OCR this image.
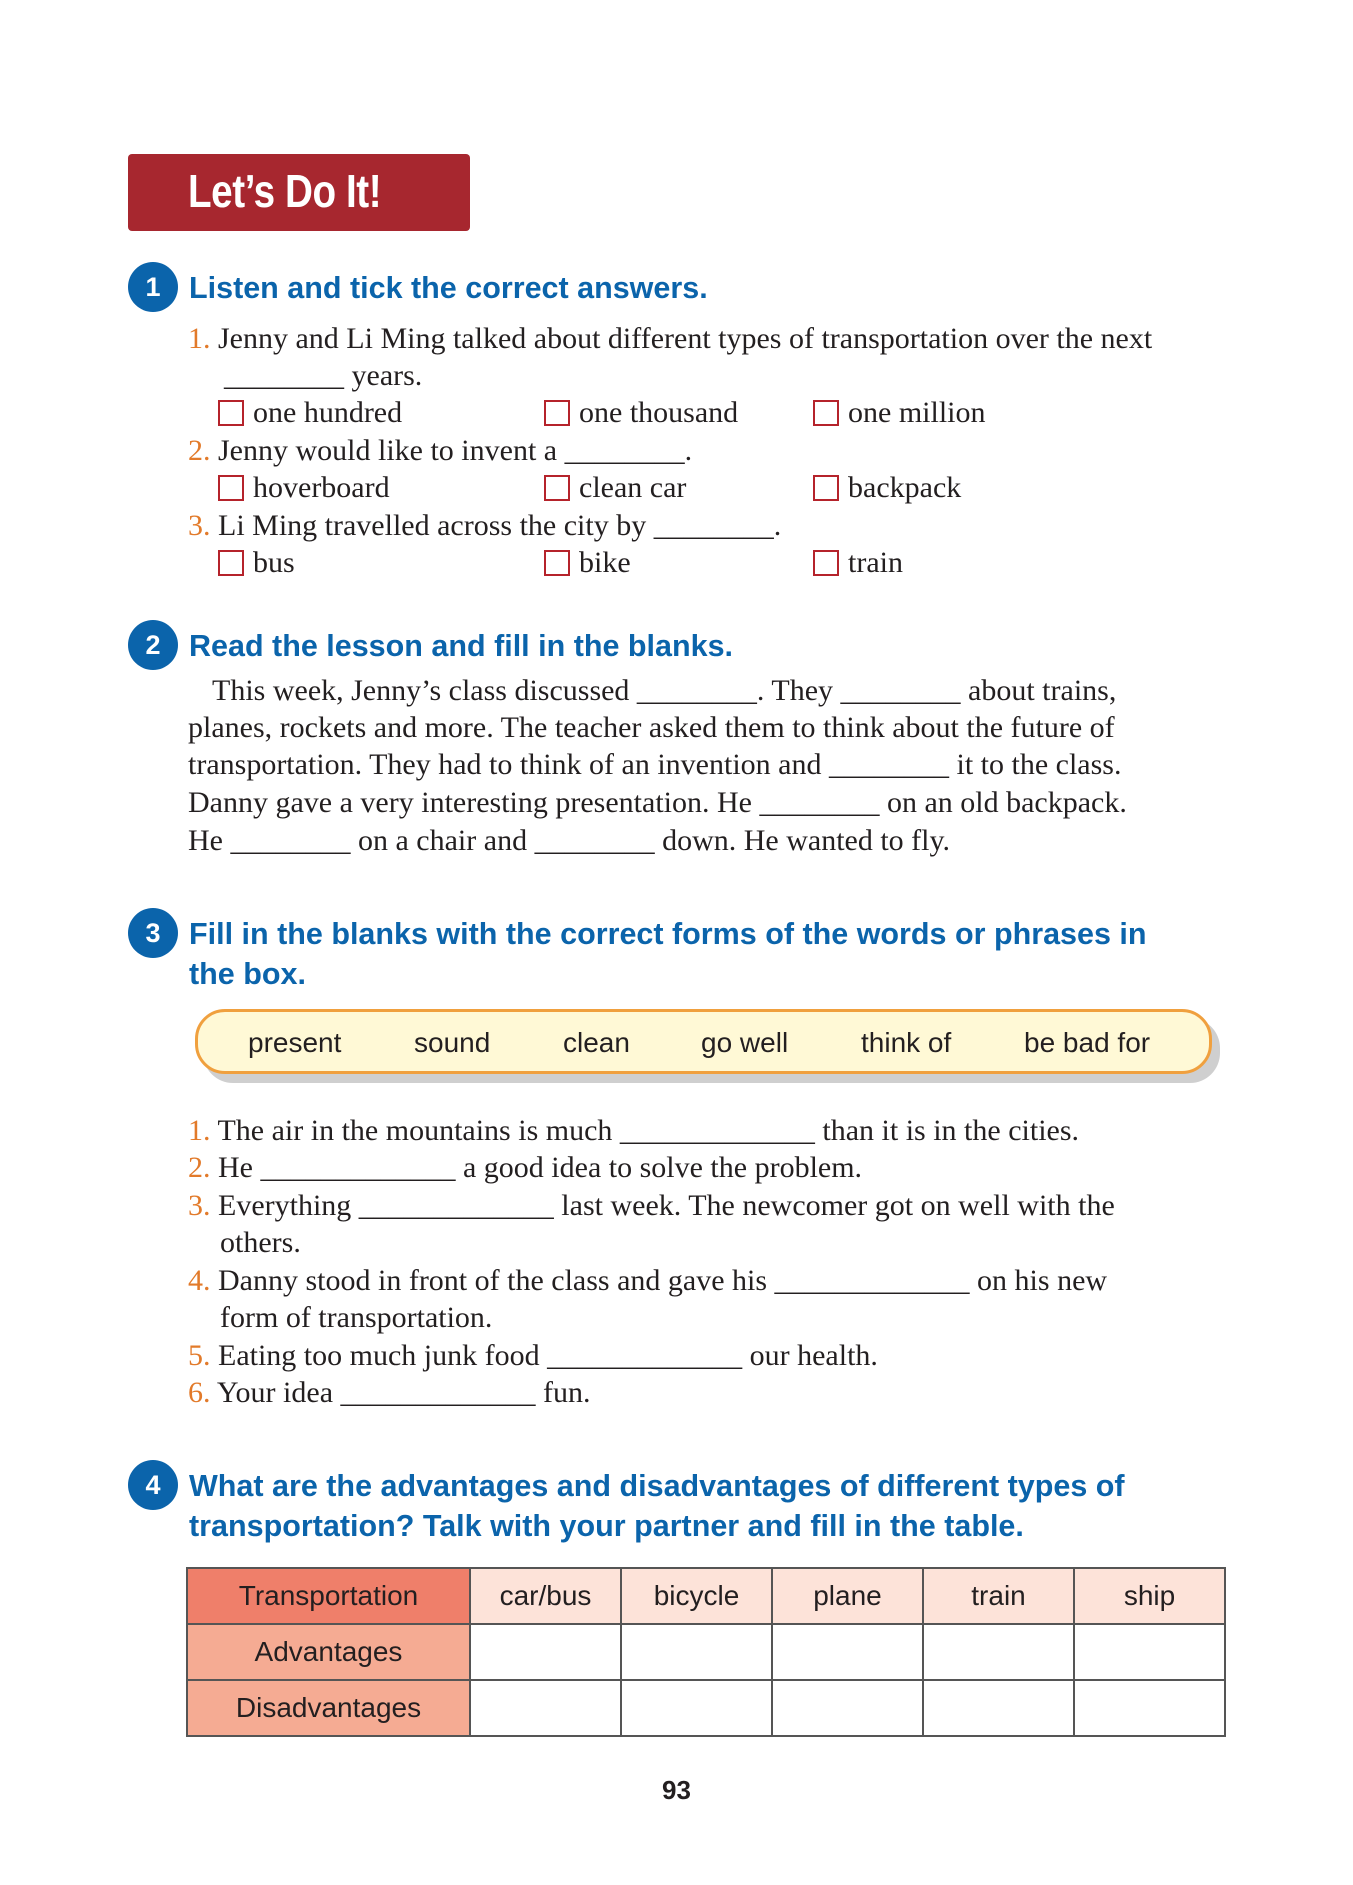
Let’s Do It!
1 Listen and tick the correct answers.
1. Jenny and Li Ming talked about different types of transportation over the next
________ years.
one hundred	one thousand	one million
2. Jenny would like to invent a ________.
hoverboard	clean car	backpack
3. Li Ming travelled across the city by ________.
bus	bike	train
2 Read the lesson and fill in the blanks.
This week, Jenny’s class discussed ________. They ________ about trains,
planes, rockets and more. The teacher asked them to think about the future of
transportation. They had to think of an invention and ________ it to the class.
Danny gave a very interesting presentation. He ________ on an old backpack.
He ________ on a chair and ________ down. He wanted to fly.
3 Fill in the blanks with the correct forms of the words or phrases in
the box.
present	sound	clean	go well	think of	be bad for
1. The air in the mountains is much _____________ than it is in the cities.
2. He _____________ a good idea to solve the problem.
3. Everything _____________ last week. The newcomer got on well with the
others.
4. Danny stood in front of the class and gave his _____________ on his new
form of transportation.
5. Eating too much junk food _____________ our health.
6. Your idea _____________ fun.
4 What are the advantages and disadvantages of different types of
transportation? Talk with your partner and fill in the table.
Transportation	car/bus	bicycle	plane	train	ship
Advantages					
Disadvantages					
93
